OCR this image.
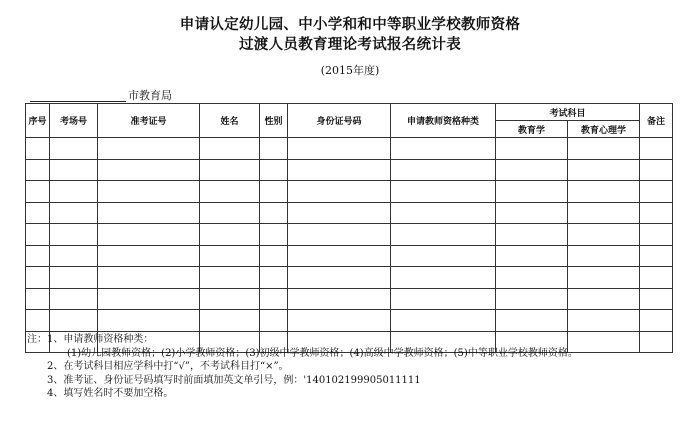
申请认定幼儿园、中小学和和中等职业学校教师资格
过渡人员教育理论考试报名统计表
(2015年度)
市教育局
序号	考场号	准考证号	姓名	性别	身份证号码	申请教师资格种类	考试科目		备注
							教育学	教育心理学	

注：1、申请教师资格种类：
(1)幼儿园教师资格；(2)小学教师资格；(3)初级中学教师资格；(4)高级中学教师资格；(5)中等职业学校教师资格。
2、在考试科目相应学科中打“√”，不考试科目打“×”。
3、准考证、身份证号码填写时前面填加英文单引号，例：'140102199905011111
4、填写姓名时不要加空格。
